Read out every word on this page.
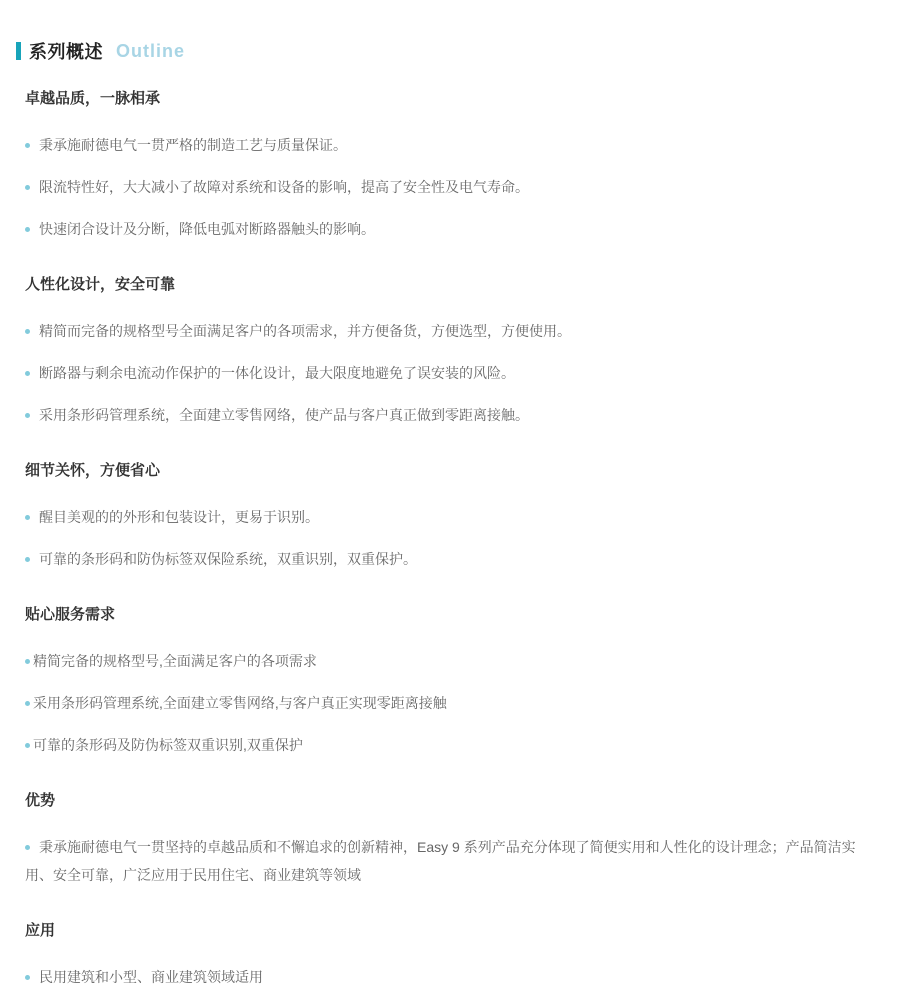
系列概述 Outline
卓越品质，一脉相承
秉承施耐德电气一贯严格的制造工艺与质量保证。
限流特性好，大大减小了故障对系统和设备的影响，提高了安全性及电气寿命。
快速闭合设计及分断，降低电弧对断路器触头的影响。
人性化设计，安全可靠
精简而完备的规格型号全面满足客户的各项需求，并方便备货，方便选型，方便使用。
断路器与剩余电流动作保护的一体化设计，最大限度地避免了误安装的风险。
采用条形码管理系统，全面建立零售网络，使产品与客户真正做到零距离接触。
细节关怀，方便省心
醒目美观的的外形和包装设计，更易于识别。
可靠的条形码和防伪标签双保险系统，双重识别，双重保护。
贴心服务需求
精简完备的规格型号,全面满足客户的各项需求
采用条形码管理系统,全面建立零售网络,与客户真正实现零距离接触
可靠的条形码及防伪标签双重识别,双重保护
优势
秉承施耐德电气一贯坚持的卓越品质和不懈追求的创新精神，Easy 9 系列产品充分体现了简便实用和人性化的设计理念；产品简洁实用、安全可靠，广泛应用于民用住宅、商业建筑等领域
应用
民用建筑和小型、商业建筑领域适用
